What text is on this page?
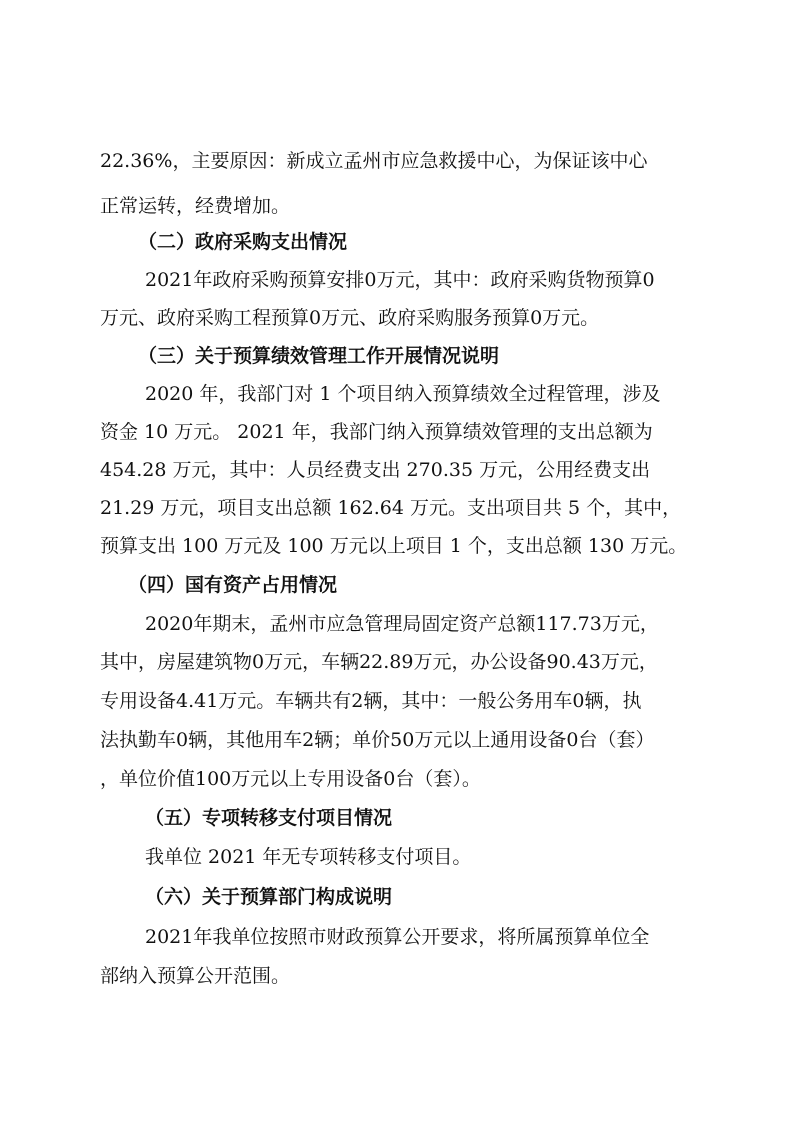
22.36%，主要原因：新成立孟州市应急救援中心，为保证该中心
正常运转，经费增加。
（二）政府采购支出情况
2021年政府采购预算安排0万元，其中：政府采购货物预算0
万元、政府采购工程预算0万元、政府采购服务预算0万元。
（三）关于预算绩效管理工作开展情况说明
2020 年，我部门对 1 个项目纳入预算绩效全过程管理，涉及
资金 10 万元。 2021 年，我部门纳入预算绩效管理的支出总额为
454.28 万元，其中：人员经费支出 270.35 万元，公用经费支出
21.29 万元，项目支出总额 162.64 万元。支出项目共 5 个，其中，
预算支出 100 万元及 100 万元以上项目 1 个，支出总额 130 万元。
（四）国有资产占用情况
2020年期末，孟州市应急管理局固定资产总额117.73万元，
其中，房屋建筑物0万元，车辆22.89万元，办公设备90.43万元，
专用设备4.41万元。车辆共有2辆，其中：一般公务用车0辆，执
法执勤车0辆，其他用车2辆；单价50万元以上通用设备0台（套）
，单位价值100万元以上专用设备0台（套）。
（五）专项转移支付项目情况
我单位 2021 年无专项转移支付项目。
（六）关于预算部门构成说明
2021年我单位按照市财政预算公开要求，将所属预算单位全
部纳入预算公开范围。
